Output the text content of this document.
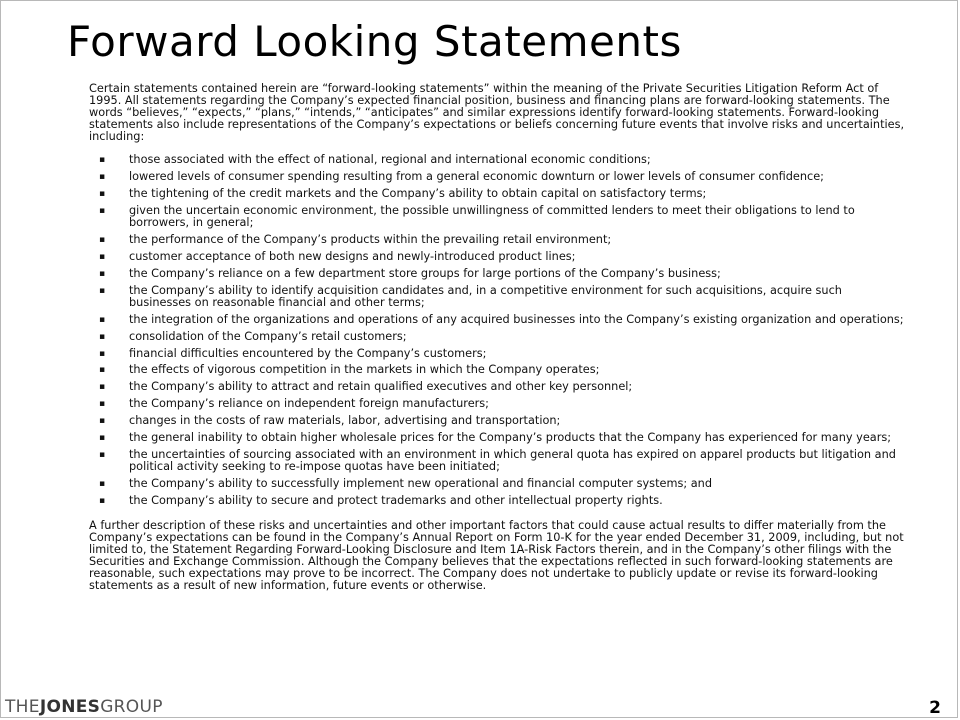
Forward Looking Statements

Certain statements contained herein are “forward-looking statements” within the meaning of the Private Securities Litigation Reform Act of 1995. All statements regarding the Company’s expected financial position, business and financing plans are forward-looking statements. The words “believes,” “expects,” “plans,” “intends,” “anticipates” and similar expressions identify forward-looking statements. Forward-looking statements also include representations of the Company’s expectations or beliefs concerning future events that involve risks and uncertainties, including:

▪ those associated with the effect of national, regional and international economic conditions;
▪ lowered levels of consumer spending resulting from a general economic downturn or lower levels of consumer confidence;
▪ the tightening of the credit markets and the Company’s ability to obtain capital on satisfactory terms;
▪ given the uncertain economic environment, the possible unwillingness of committed lenders to meet their obligations to lend to borrowers, in general;
▪ the performance of the Company’s products within the prevailing retail environment;
▪ customer acceptance of both new designs and newly-introduced product lines;
▪ the Company’s reliance on a few department store groups for large portions of the Company’s business;
▪ the Company’s ability to identify acquisition candidates and, in a competitive environment for such acquisitions, acquire such businesses on reasonable financial and other terms;
▪ the integration of the organizations and operations of any acquired businesses into the Company’s existing organization and operations;
▪ consolidation of the Company’s retail customers;
▪ financial difficulties encountered by the Company’s customers;
▪ the effects of vigorous competition in the markets in which the Company operates;
▪ the Company’s ability to attract and retain qualified executives and other key personnel;
▪ the Company’s reliance on independent foreign manufacturers;
▪ changes in the costs of raw materials, labor, advertising and transportation;
▪ the general inability to obtain higher wholesale prices for the Company’s products that the Company has experienced for many years;
▪ the uncertainties of sourcing associated with an environment in which general quota has expired on apparel products but litigation and political activity seeking to re-impose quotas have been initiated;
▪ the Company’s ability to successfully implement new operational and financial computer systems; and
▪ the Company’s ability to secure and protect trademarks and other intellectual property rights.

A further description of these risks and uncertainties and other important factors that could cause actual results to differ materially from the Company’s expectations can be found in the Company’s Annual Report on Form 10-K for the year ended December 31, 2009, including, but not limited to, the Statement Regarding Forward-Looking Disclosure and Item 1A-Risk Factors therein, and in the Company’s other filings with the Securities and Exchange Commission. Although the Company believes that the expectations reflected in such forward-looking statements are reasonable, such expectations may prove to be incorrect. The Company does not undertake to publicly update or revise its forward-looking statements as a result of new information, future events or otherwise.

THEJONESGROUP	2
